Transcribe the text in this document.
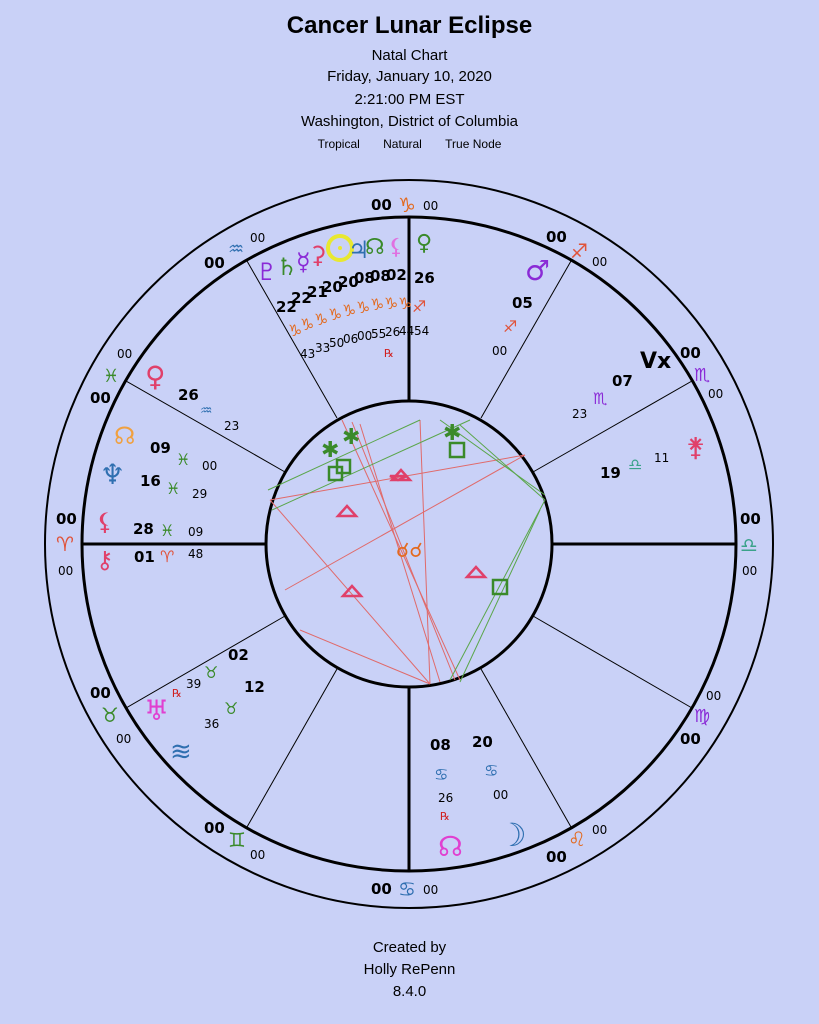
Cancer Lunar Eclipse
Natal Chart
Friday, January 10, 2020
2:21:00 PM EST
Washington, District of Columbia
Tropical Natural True Node
✱
✱	✱
☌☌
00 ♑ 00
00 ♋ 00
00
♈
00
00
♎
00
00
♒
00
00
♓
00
00
♐ 00
00
♏
00
00
♉
00
00 ♊
00
00
♍
00
00
♌
00
♇
♄
☿
⚳ ♃
☊ ⚸ ♀
22
22
21
20
20
08
08
02 26
♑
♑ ♑ ♑ ♑ ♑ ♑ ♑ ♑ ♐
43 33
50
06
00
55
26
44 54
℞
♂
05
♐
00	Vx
07
♏
23
⚵
19 ♎ 11
♀
26
♒
23
☊ 09
♓ 00
♆ 16 ♓ 29
⚸ 28 ♓ 09
⚷ 01 ♈ 48
02
♉
39
℞
♅
12
♉
36
≋	08
♋
26
℞
☊
20
♋
00
☽
Created by
Holly RePenn
8.4.0
